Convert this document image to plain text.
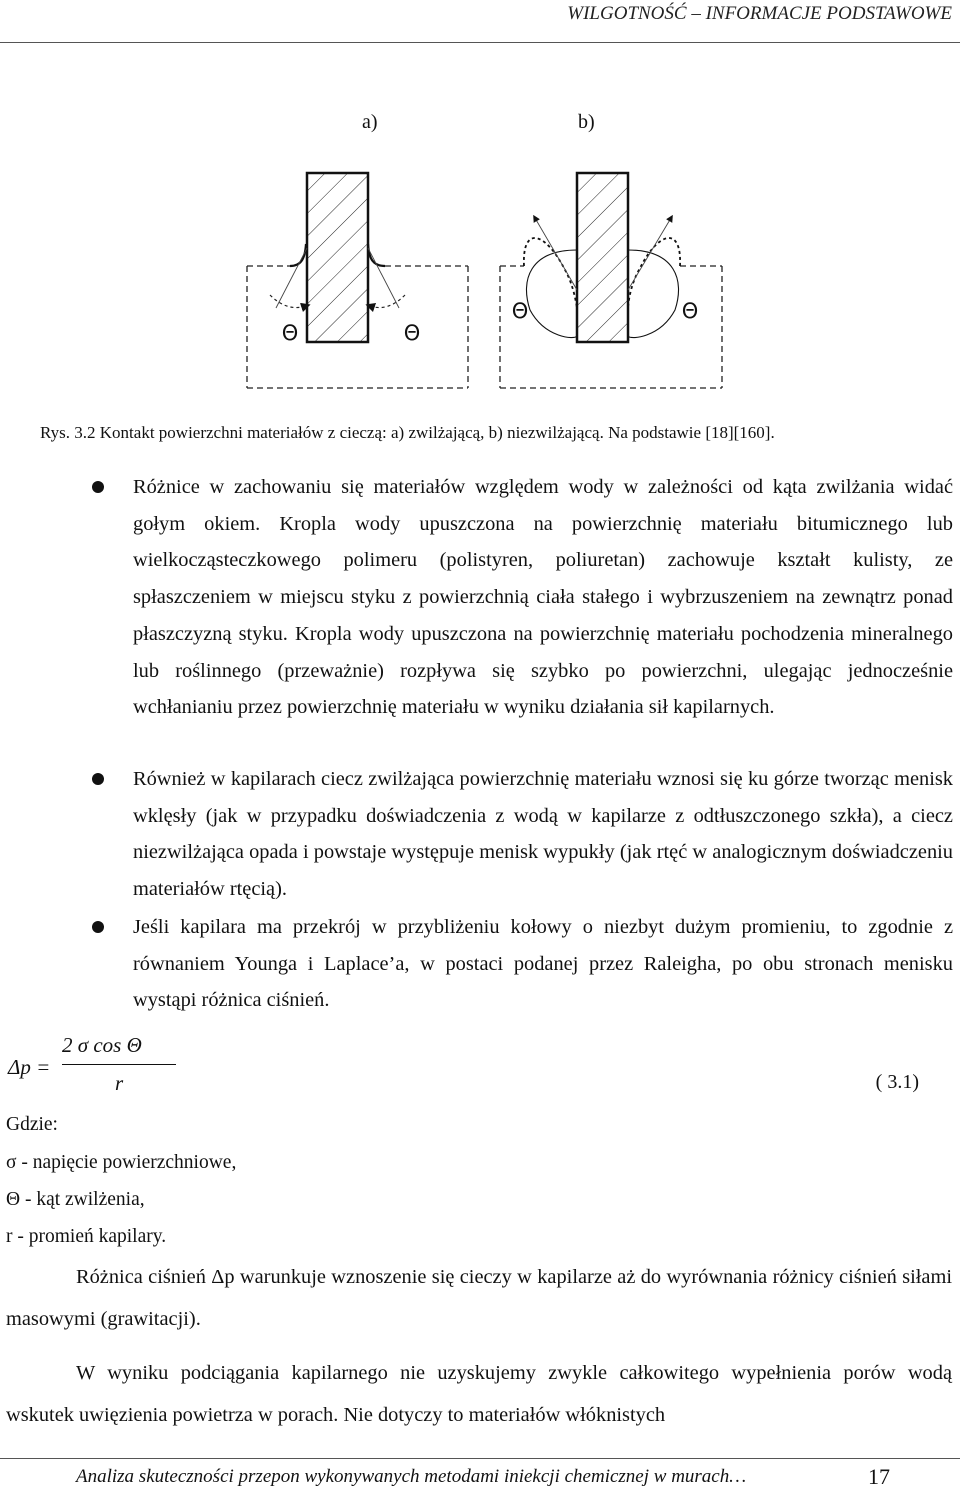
WILGOTNOŚĆ – INFORMACJE PODSTAWOWE
a)	b)
Θ	Θ
Θ	Θ
Rys. 3.2 Kontakt powierzchni materiałów z cieczą: a) zwilżającą, b) niezwilżającą. Na podstawie [18][160].
Różnice w zachowaniu się materiałów względem wody w zależności od kąta zwilżania widać gołym okiem. Kropla wody upuszczona na powierzchnię materiału bitumicznego lub wielkocząsteczkowego polimeru (polistyren, poliuretan) zachowuje kształt kulisty, ze spłaszczeniem w miejscu styku z powierzchnią ciała stałego i wybrzuszeniem na zewnątrz ponad płaszczyzną styku. Kropla wody upuszczona na powierzchnię materiału pochodzenia mineralnego lub roślinnego (przeważnie) rozpływa się szybko po powierzchni, ulegając jednocześnie wchłanianiu przez powierzchnię materiału w wyniku działania sił kapilarnych.
Również w kapilarach ciecz zwilżająca powierzchnię materiału wznosi się ku górze tworząc menisk wklęsły (jak w przypadku doświadczenia z wodą w kapilarze z odtłuszczonego szkła), a ciecz niezwilżająca opada i powstaje występuje menisk wypukły (jak rtęć w analogicznym doświadczeniu materiałów rtęcią).
Jeśli kapilara ma przekrój w przybliżeniu kołowy o niezbyt dużym promieniu, to zgodnie z równaniem Younga i Laplace’a, w postaci podanej przez Raleigha, po obu stronach menisku wystąpi różnica ciśnień.
Δp =
2 σ cos Θ
r	( 3.1)
Gdzie:
σ - napięcie powierzchniowe,
Θ - kąt zwilżenia,
r - promień kapilary.
Różnica ciśnień Δp warunkuje wznoszenie się cieczy w kapilarze aż do wyrównania różnicy ciśnień siłami masowymi (grawitacji).
W wyniku podciągania kapilarnego nie uzyskujemy zwykle całkowitego wypełnienia porów wodą wskutek uwięzienia powietrza w porach. Nie dotyczy to materiałów włóknistych
Analiza skuteczności przepon wykonywanych metodami iniekcji chemicznej w murach…	17
